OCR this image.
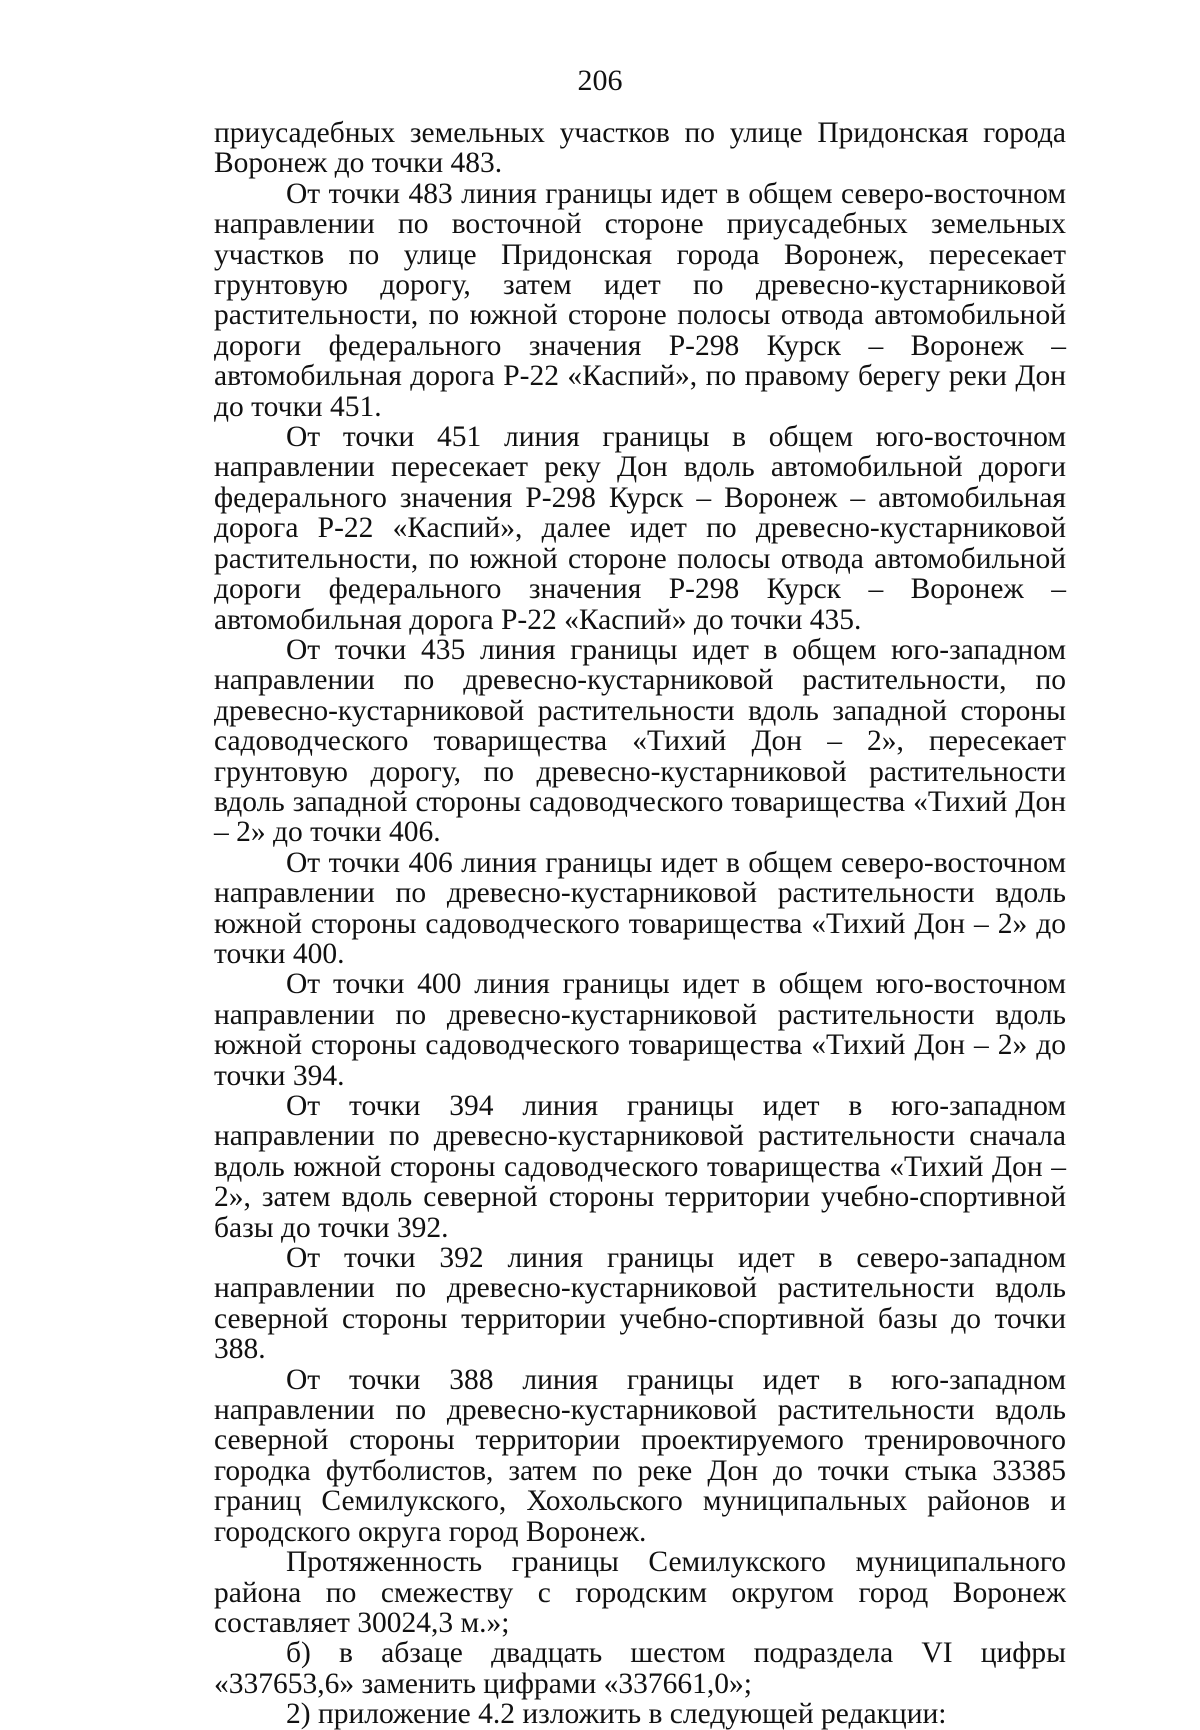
206

приусадебных земельных участков по улице Придонская города Воронеж до точки 483.

От точки 483 линия границы идет в общем северо-восточном направлении по восточной стороне приусадебных земельных участков по улице Придонская города Воронеж, пересекает грунтовую дорогу, затем идет по древесно-кустарниковой растительности, по южной стороне полосы отвода автомобильной дороги федерального значения Р-298 Курск – Воронеж – автомобильная дорога Р-22 «Каспий», по правому берегу реки Дон до точки 451.

От точки 451 линия границы в общем юго-восточном направлении пересекает реку Дон вдоль автомобильной дороги федерального значения Р-298 Курск – Воронеж – автомобильная дорога Р-22 «Каспий», далее идет по древесно-кустарниковой растительности, по южной стороне полосы отвода автомобильной дороги федерального значения Р-298 Курск – Воронеж – автомобильная дорога Р-22 «Каспий» до точки 435.

От точки 435 линия границы идет в общем юго-западном направлении по древесно-кустарниковой растительности, по древесно-кустарниковой растительности вдоль западной стороны садоводческого товарищества «Тихий Дон – 2», пересекает грунтовую дорогу, по древесно-кустарниковой растительности вдоль западной стороны садоводческого товарищества «Тихий Дон – 2» до точки 406.

От точки 406 линия границы идет в общем северо-восточном направлении по древесно-кустарниковой растительности вдоль южной стороны садоводческого товарищества «Тихий Дон – 2» до точки 400.

От точки 400 линия границы идет в общем юго-восточном направлении по древесно-кустарниковой растительности вдоль южной стороны садоводческого товарищества «Тихий Дон – 2» до точки 394.

От точки 394 линия границы идет в юго-западном направлении по древесно-кустарниковой растительности сначала вдоль южной стороны садоводческого товарищества «Тихий Дон – 2», затем вдоль северной стороны территории учебно-спортивной базы до точки 392.

От точки 392 линия границы идет в северо-западном направлении по древесно-кустарниковой растительности вдоль северной стороны территории учебно-спортивной базы до точки 388.

От точки 388 линия границы идет в юго-западном направлении по древесно-кустарниковой растительности вдоль северной стороны территории проектируемого тренировочного городка футболистов, затем по реке Дон до точки стыка 33385 границ Семилукского, Хохольского муниципальных районов и городского округа город Воронеж.

Протяженность границы Семилукского муниципального района по смежеству с городским округом город Воронеж составляет 30024,3 м.»;

б) в абзаце двадцать шестом подраздела VI цифры «337653,6» заменить цифрами «337661,0»;

2) приложение 4.2 изложить в следующей редакции:
